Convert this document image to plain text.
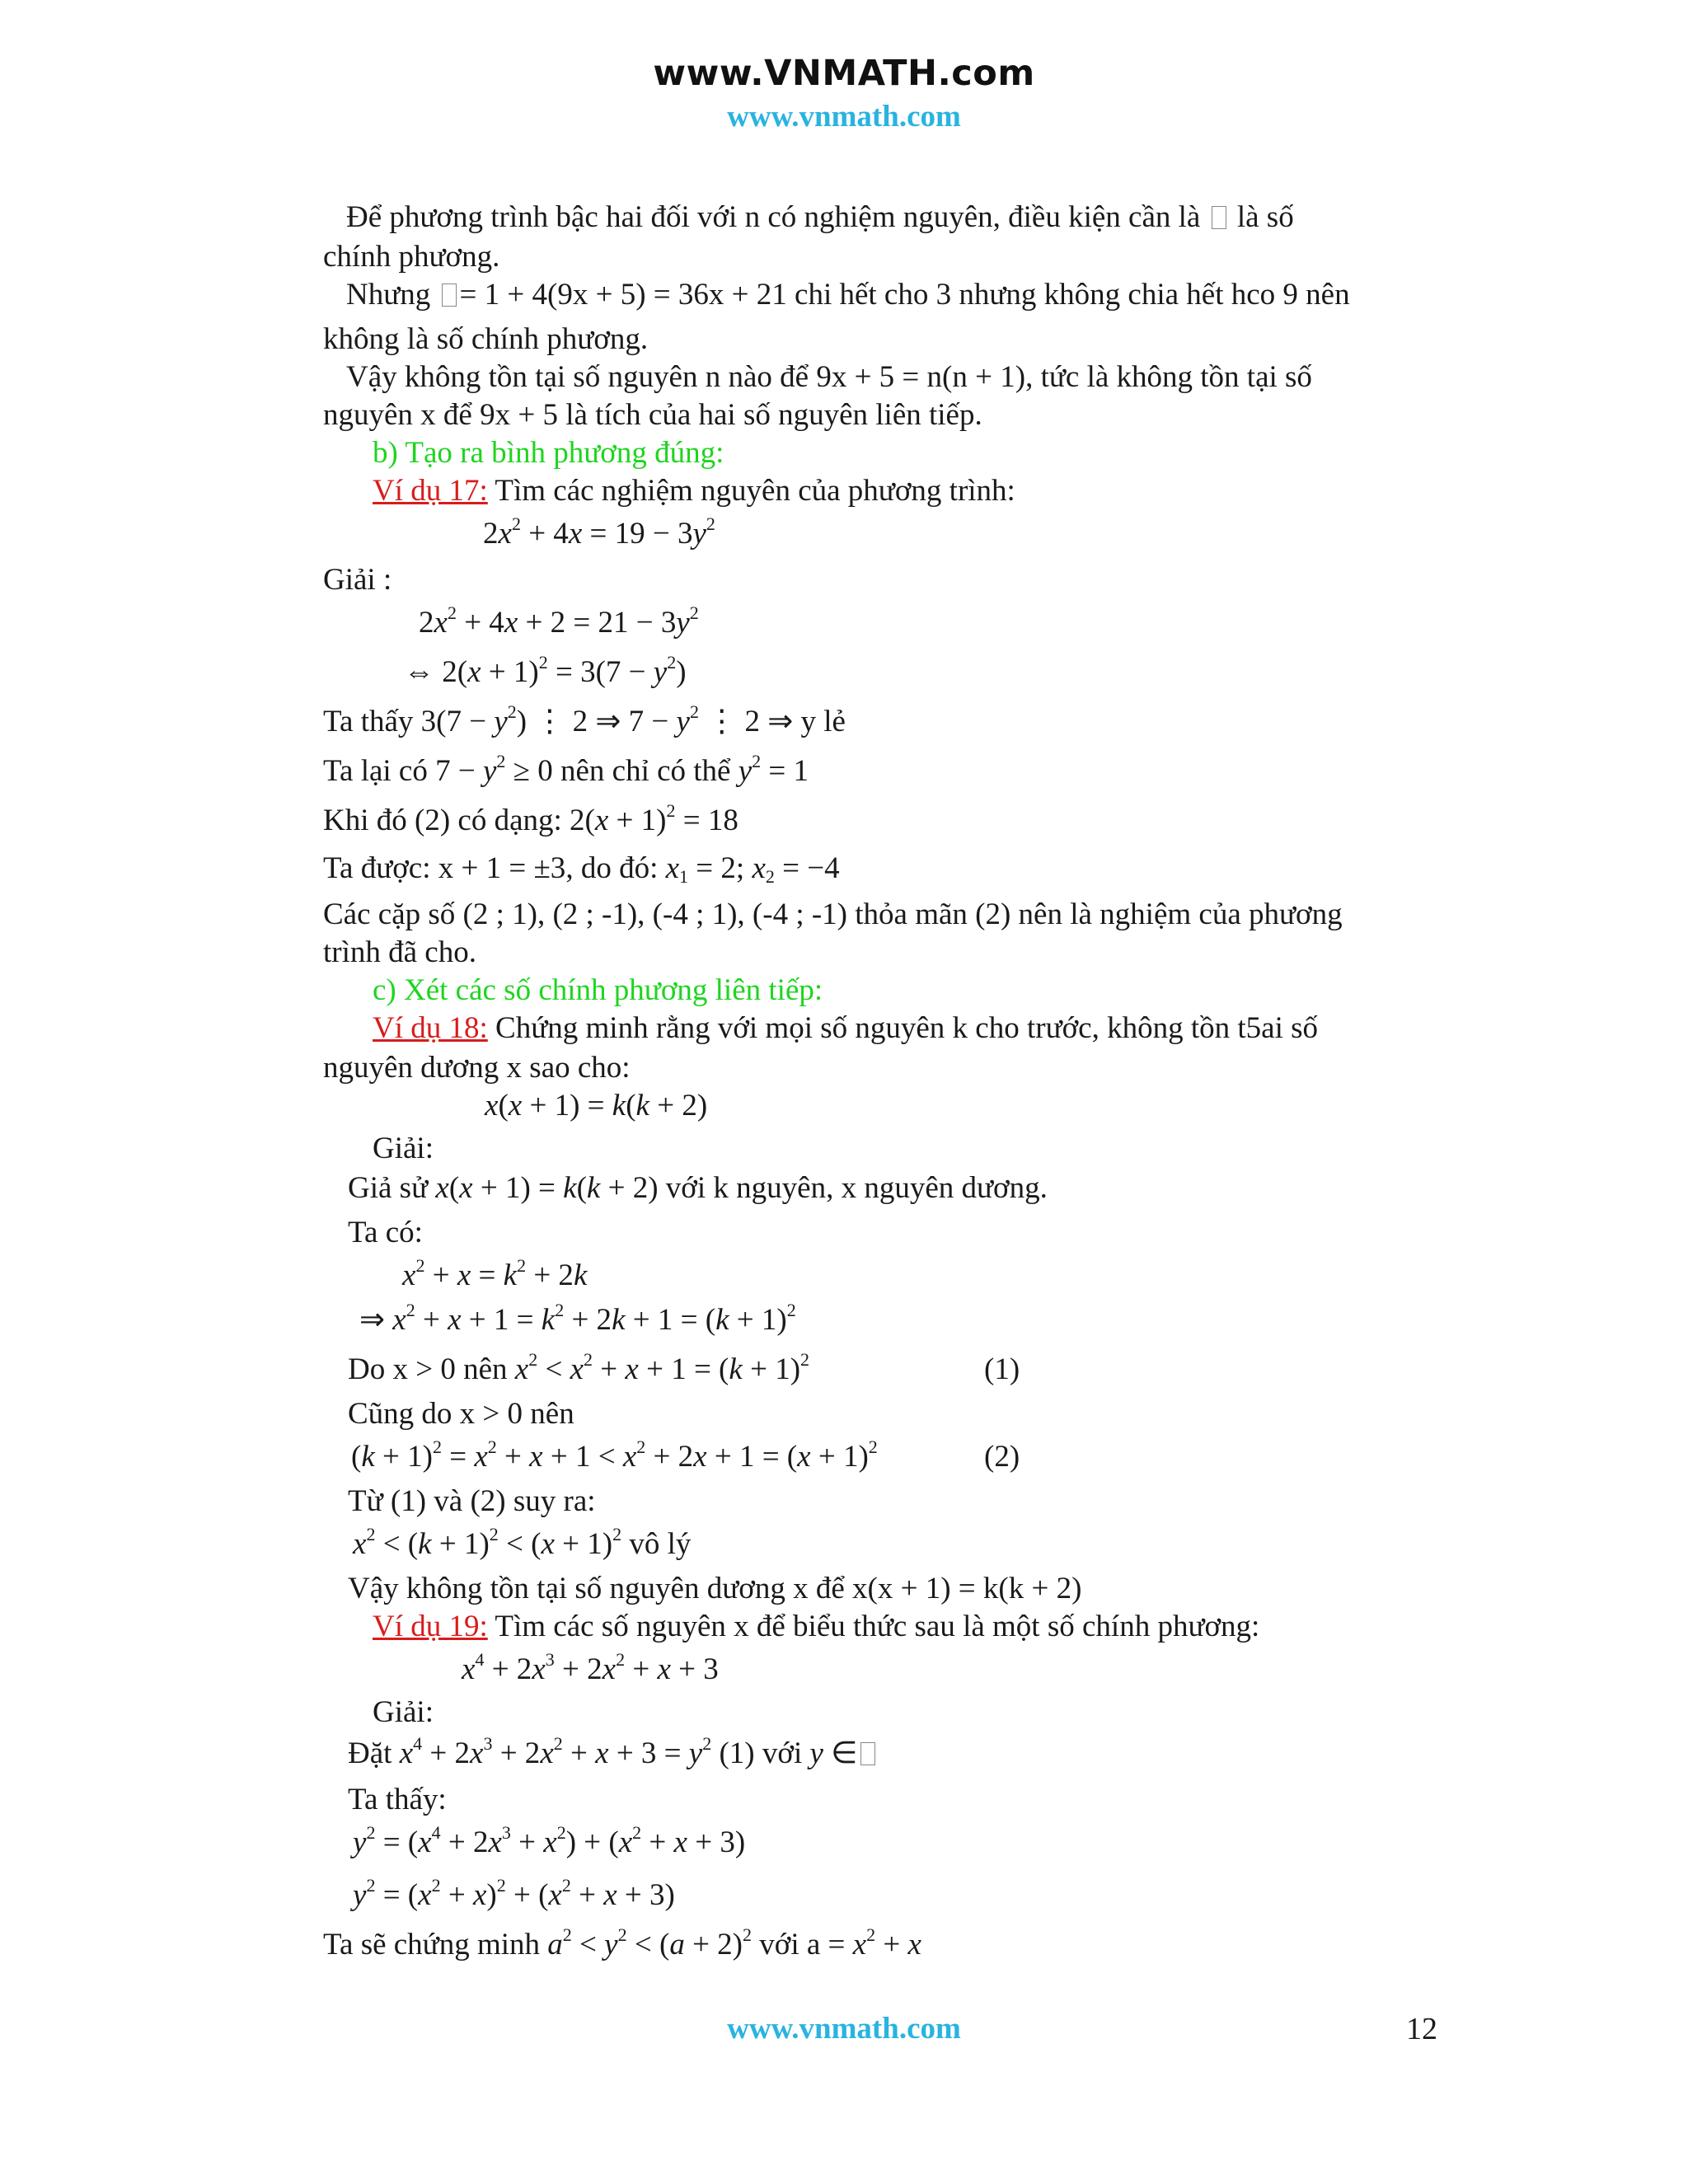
www.VNMATH.com
www.vnmath.com
Để phương trình bậc hai đối với n có nghiệm nguyên, điều kiện cần là là số
chính phương.
Nhưng = 1 + 4(9x + 5) = 36x + 21 chi hết cho 3 nhưng không chia hết hco 9 nên
không là số chính phương.
Vậy không tồn tại số nguyên n nào để 9x + 5 = n(n + 1), tức là không tồn tại số
nguyên x để 9x + 5 là tích của hai số nguyên liên tiếp.
b) Tạo ra bình phương đúng:
Ví dụ 17: Tìm các nghiệm nguyên của phương trình:
$2x^2 + 4x = 19 - 3y^2$
Giải :
$2x^2 + 4x + 2 = 21 - 3y^2$
⇔ $2(x + 1)^2 = 3(7 - y^2)$
Ta thấy $3(7 - y^2)$ ⋮ 2 ⇒ $7 - y^2$ ⋮ 2 ⇒ y lẻ
Ta lại có $7 - y^2 \ge 0$ nên chỉ có thể $y^2 = 1$
Khi đó (2) có dạng: $2(x + 1)^2 = 18$
Ta được: x + 1 = ±3, do đó: $x_1 = 2$; $x_2 = -4$
Các cặp số (2 ; 1), (2 ; -1), (-4 ; 1), (-4 ; -1) thỏa mãn (2) nên là nghiệm của phương
trình đã cho.
c) Xét các số chính phương liên tiếp:
Ví dụ 18: Chứng minh rằng với mọi số nguyên k cho trước, không tồn t5ai số
nguyên dương x sao cho:
x(x + 1) = k(k + 2)
Giải:
Giả sử x(x + 1) = k(k + 2) với k nguyên, x nguyên dương.
Ta có:
$x^2 + x = k^2 + 2k$
⇒ $x^2 + x + 1 = k^2 + 2k + 1 = (k + 1)^2$
Do x > 0 nên $x^2 < x^2 + x + 1 = (k + 1)^2$	(1)
Cũng do x > 0 nên
$(k + 1)^2 = x^2 + x + 1 < x^2 + 2x + 1 = (x + 1)^2$	(2)
Từ (1) và (2) suy ra:
$x^2 < (k + 1)^2 < (x + 1)^2$ vô lý
Vậy không tồn tại số nguyên dương x để x(x + 1) = k(k + 2)
Ví dụ 19: Tìm các số nguyên x để biểu thức sau là một số chính phương:
$x^4 + 2x^3 + 2x^2 + x + 3$
Giải:
Đặt $x^4 + 2x^3 + 2x^2 + x + 3 = y^2$ (1) với y ∈
Ta thấy:
$y^2 = (x^4 + 2x^3 + x^2) + (x^2 + x + 3)$
$y^2 = (x^2 + x)^2 + (x^2 + x + 3)$
Ta sẽ chứng minh $a^2 < y^2 < (a + 2)^2$ với $a = x^2 + x$
www.vnmath.com	12
